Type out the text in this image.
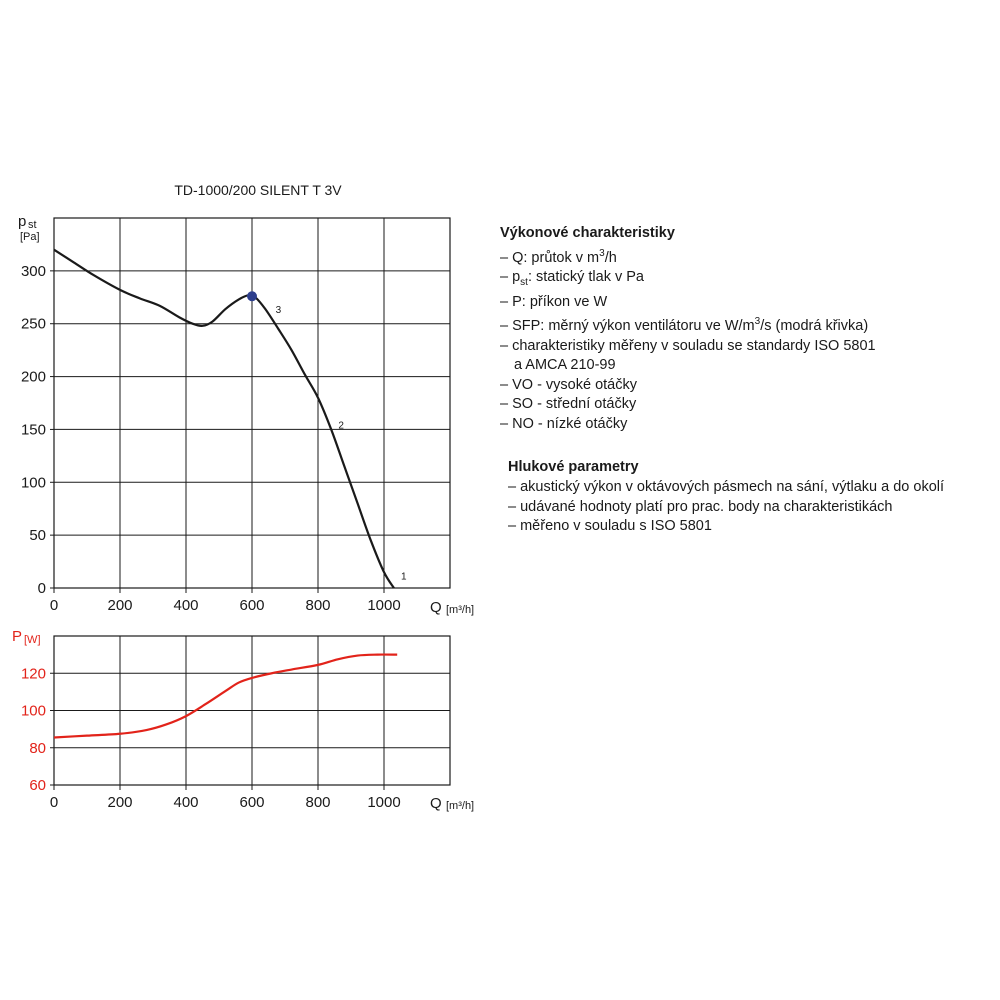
TD-1000/200 SILENT T 3V
p st
[Pa]
Q [m³/h]
0	200	400	600	800 1000
0
50
100
150
200
250
300
3
2
1
P [W]
Q [m³/h]
0	200	400	600	800 1000
60
80
100
120
Výkonové charakteristiky
– Q: průtok v $m^3/h$
– $p_{st}$: statický tlak v Pa
– P: příkon ve W
– SFP: měrný výkon ventilátoru ve $W/m^3/s$ (modrá křivka)
– charakteristiky měřeny v souladu se standardy ISO 5801
a AMCA 210-99
– VO - vysoké otáčky
– SO - střední otáčky
– NO - nízké otáčky
Hlukové parametry
– akustický výkon v oktávových pásmech na sání, výtlaku a do okolí
– udávané hodnoty platí pro prac. body na charakteristikách
– měřeno v souladu s ISO 5801
